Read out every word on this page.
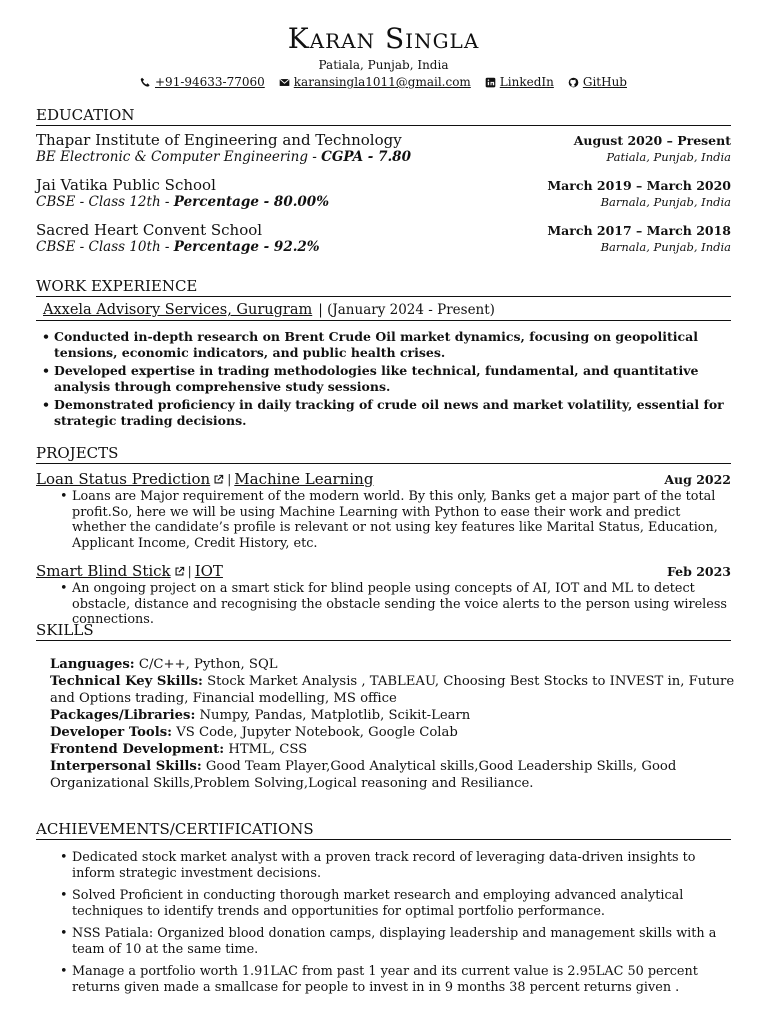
Karan Singla
Patiala, Punjab, India
+91-94633-77060 karansingla1011@gmail.com LinkedIn GitHub
EDUCATION
Thapar Institute of Engineering and Technology	August 2020 – Present
BE Electronic & Computer Engineering - CGPA - 7.80	Patiala, Punjab, India
Jai Vatika Public School	March 2019 – March 2020
CBSE - Class 12th - Percentage - 80.00%	Barnala, Punjab, India
Sacred Heart Convent School	March 2017 – March 2018
CBSE - Class 10th - Percentage - 92.2%	Barnala, Punjab, India
WORK EXPERIENCE
Axxela Advisory Services, Gurugram | (January 2024 - Present)
• Conducted in-depth research on Brent Crude Oil market dynamics, focusing on geopolitical tensions, economic indicators, and public health crises.
• Developed expertise in trading methodologies like technical, fundamental, and quantitative analysis through comprehensive study sessions.
• Demonstrated proficiency in daily tracking of crude oil news and market volatility, essential for strategic trading decisions.
PROJECTS
Loan Status Prediction | Machine Learning	Aug 2022
• Loans are Major requirement of the modern world. By this only, Banks get a major part of the total profit.So, here we will be using Machine Learning with Python to ease their work and predict whether the candidate’s profile is relevant or not using key features like Marital Status, Education, Applicant Income, Credit History, etc.
Smart Blind Stick | IOT	Feb 2023
• An ongoing project on a smart stick for blind people using concepts of AI, IOT and ML to detect obstacle, distance and recognising the obstacle sending the voice alerts to the person using wireless connections.
SKILLS
Languages: C/C++, Python, SQL
Technical Key Skills: Stock Market Analysis , TABLEAU, Choosing Best Stocks to INVEST in, Future and Options trading, Financial modelling, MS office
Packages/Libraries: Numpy, Pandas, Matplotlib, Scikit-Learn
Developer Tools: VS Code, Jupyter Notebook, Google Colab
Frontend Development: HTML, CSS
Interpersonal Skills: Good Team Player,Good Analytical skills,Good Leadership Skills, Good Organizational Skills,Problem Solving,Logical reasoning and Resiliance.
ACHIEVEMENTS/CERTIFICATIONS
• Dedicated stock market analyst with a proven track record of leveraging data-driven insights to inform strategic investment decisions.
• Solved Proficient in conducting thorough market research and employing advanced analytical techniques to identify trends and opportunities for optimal portfolio performance.
• NSS Patiala: Organized blood donation camps, displaying leadership and management skills with a team of 10 at the same time.
• Manage a portfolio worth 1.91LAC from past 1 year and its current value is 2.95LAC 50 percent returns given made a smallcase for people to invest in in 9 months 38 percent returns given .
